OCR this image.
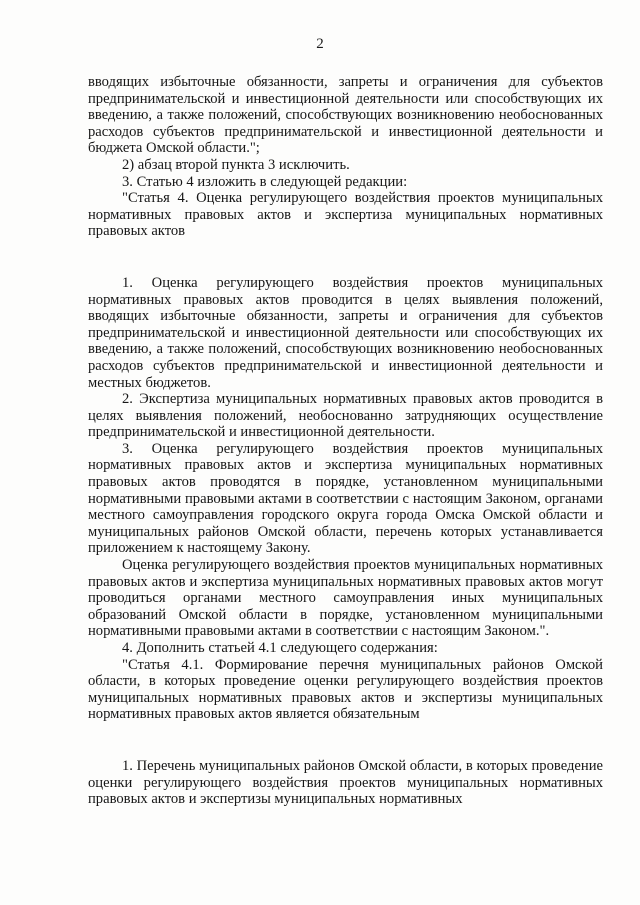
2

вводящих избыточные обязанности, запреты и ограничения для субъектов предпринимательской и инвестиционной деятельности или способствующих их введению, а также положений, способствующих возникновению необоснованных расходов субъектов предпринимательской и инвестиционной деятельности и бюджета Омской области.";

2) абзац второй пункта 3 исключить.

3. Статью 4 изложить в следующей редакции:

"Статья 4. Оценка регулирующего воздействия проектов муниципальных нормативных правовых актов и экспертиза муниципальных нормативных правовых актов

1. Оценка регулирующего воздействия проектов муниципальных нормативных правовых актов проводится в целях выявления положений, вводящих избыточные обязанности, запреты и ограничения для субъектов предпринимательской и инвестиционной деятельности или способствующих их введению, а также положений, способствующих возникновению необоснованных расходов субъектов предпринимательской и инвестиционной деятельности и местных бюджетов.

2. Экспертиза муниципальных нормативных правовых актов проводится в целях выявления положений, необоснованно затрудняющих осуществление предпринимательской и инвестиционной деятельности.

3. Оценка регулирующего воздействия проектов муниципальных нормативных правовых актов и экспертиза муниципальных нормативных правовых актов проводятся в порядке, установленном муниципальными нормативными правовыми актами в соответствии с настоящим Законом, органами местного самоуправления городского округа города Омска Омской области и муниципальных районов Омской области, перечень которых устанавливается приложением к настоящему Закону.

Оценка регулирующего воздействия проектов муниципальных нормативных правовых актов и экспертиза муниципальных нормативных правовых актов могут проводиться органами местного самоуправления иных муниципальных образований Омской области в порядке, установленном муниципальными нормативными правовыми актами в соответствии с настоящим Законом.".

4. Дополнить статьей 4.1 следующего содержания:

"Статья 4.1. Формирование перечня муниципальных районов Омской области, в которых проведение оценки регулирующего воздействия проектов муниципальных нормативных правовых актов и экспертизы муниципальных нормативных правовых актов является обязательным

1. Перечень муниципальных районов Омской области, в которых проведение оценки регулирующего воздействия проектов муниципальных нормативных правовых актов и экспертизы муниципальных нормативных
